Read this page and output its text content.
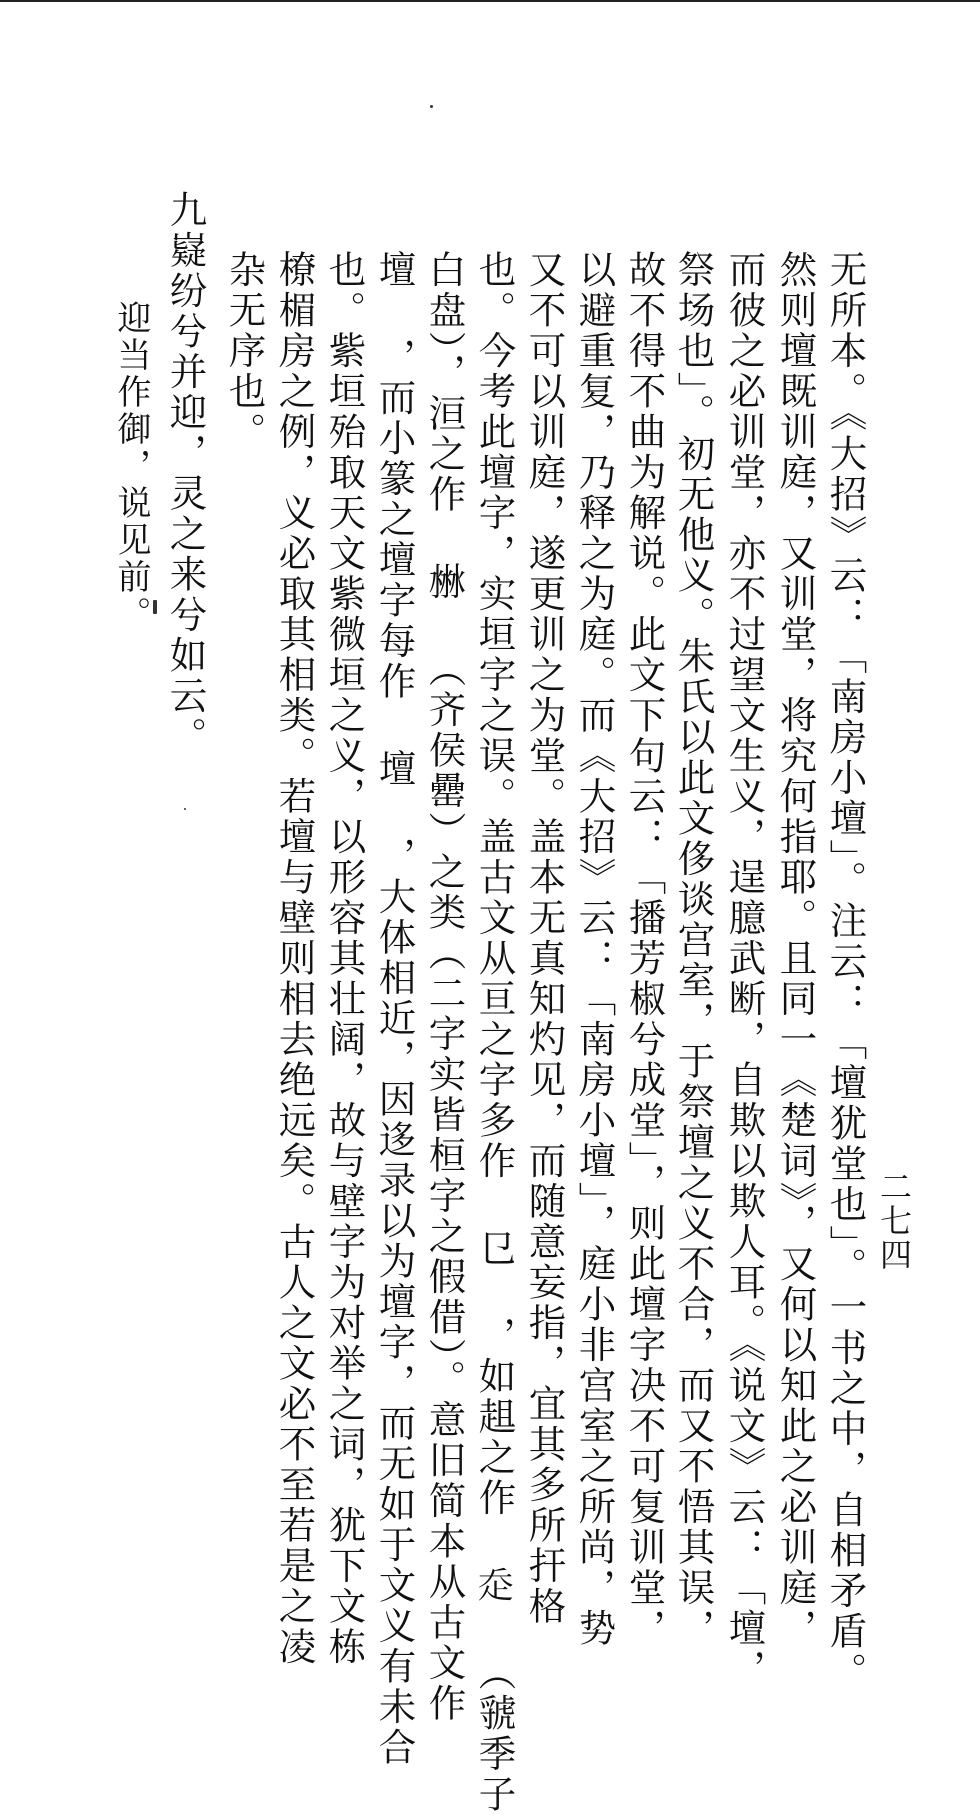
二七四
无所本。《大招》云：「南房小壇」。注云：「壇犹堂也」。一书之中，自相矛盾。
然则壇既训庭，又训堂，将究何指耶。且同一《楚词》，又何以知此之必训庭，
而彼之必训堂，亦不过望文生义，逞臆武断，自欺以欺人耳。《说文》云：「壇，
祭场也」。初无他义。朱氏以此文侈谈宫室，于祭壇之义不合，而又不悟其误，
故不得不曲为解说。此文下句云：「播芳椒兮成堂」，则此壇字决不可复训堂，
以避重复，乃释之为庭。而《大招》云：「南房小壇」，庭小非宫室之所尚，势
又不可以训庭，遂更训之为堂。盖本无真知灼见，而随意妄指，宜其多所扞格
也。今考此壇字，实垣字之误。盖古文从亘之字多作 㔾 ，如趄之作 𧺆 （虢季子
白盘），洹之作 㴇 （齐侯罍）之类（二字实皆桓字之假借）。意旧简本从古文作
壇 ，而小篆之壇字每作 壇 ，大体相近，因迻录以为壇字，而无如于文义有未合
也。紫垣殆取天文紫微垣之义，以形容其壮阔，故与壁字为对举之词，犹下文栋
橑楣房之例，义必取其相类。若壇与壁则相去绝远矣。古人之文必不至若是之凌
杂无序也。
九嶷纷兮并迎，灵之来兮如云。
迎当作御，说见前。
